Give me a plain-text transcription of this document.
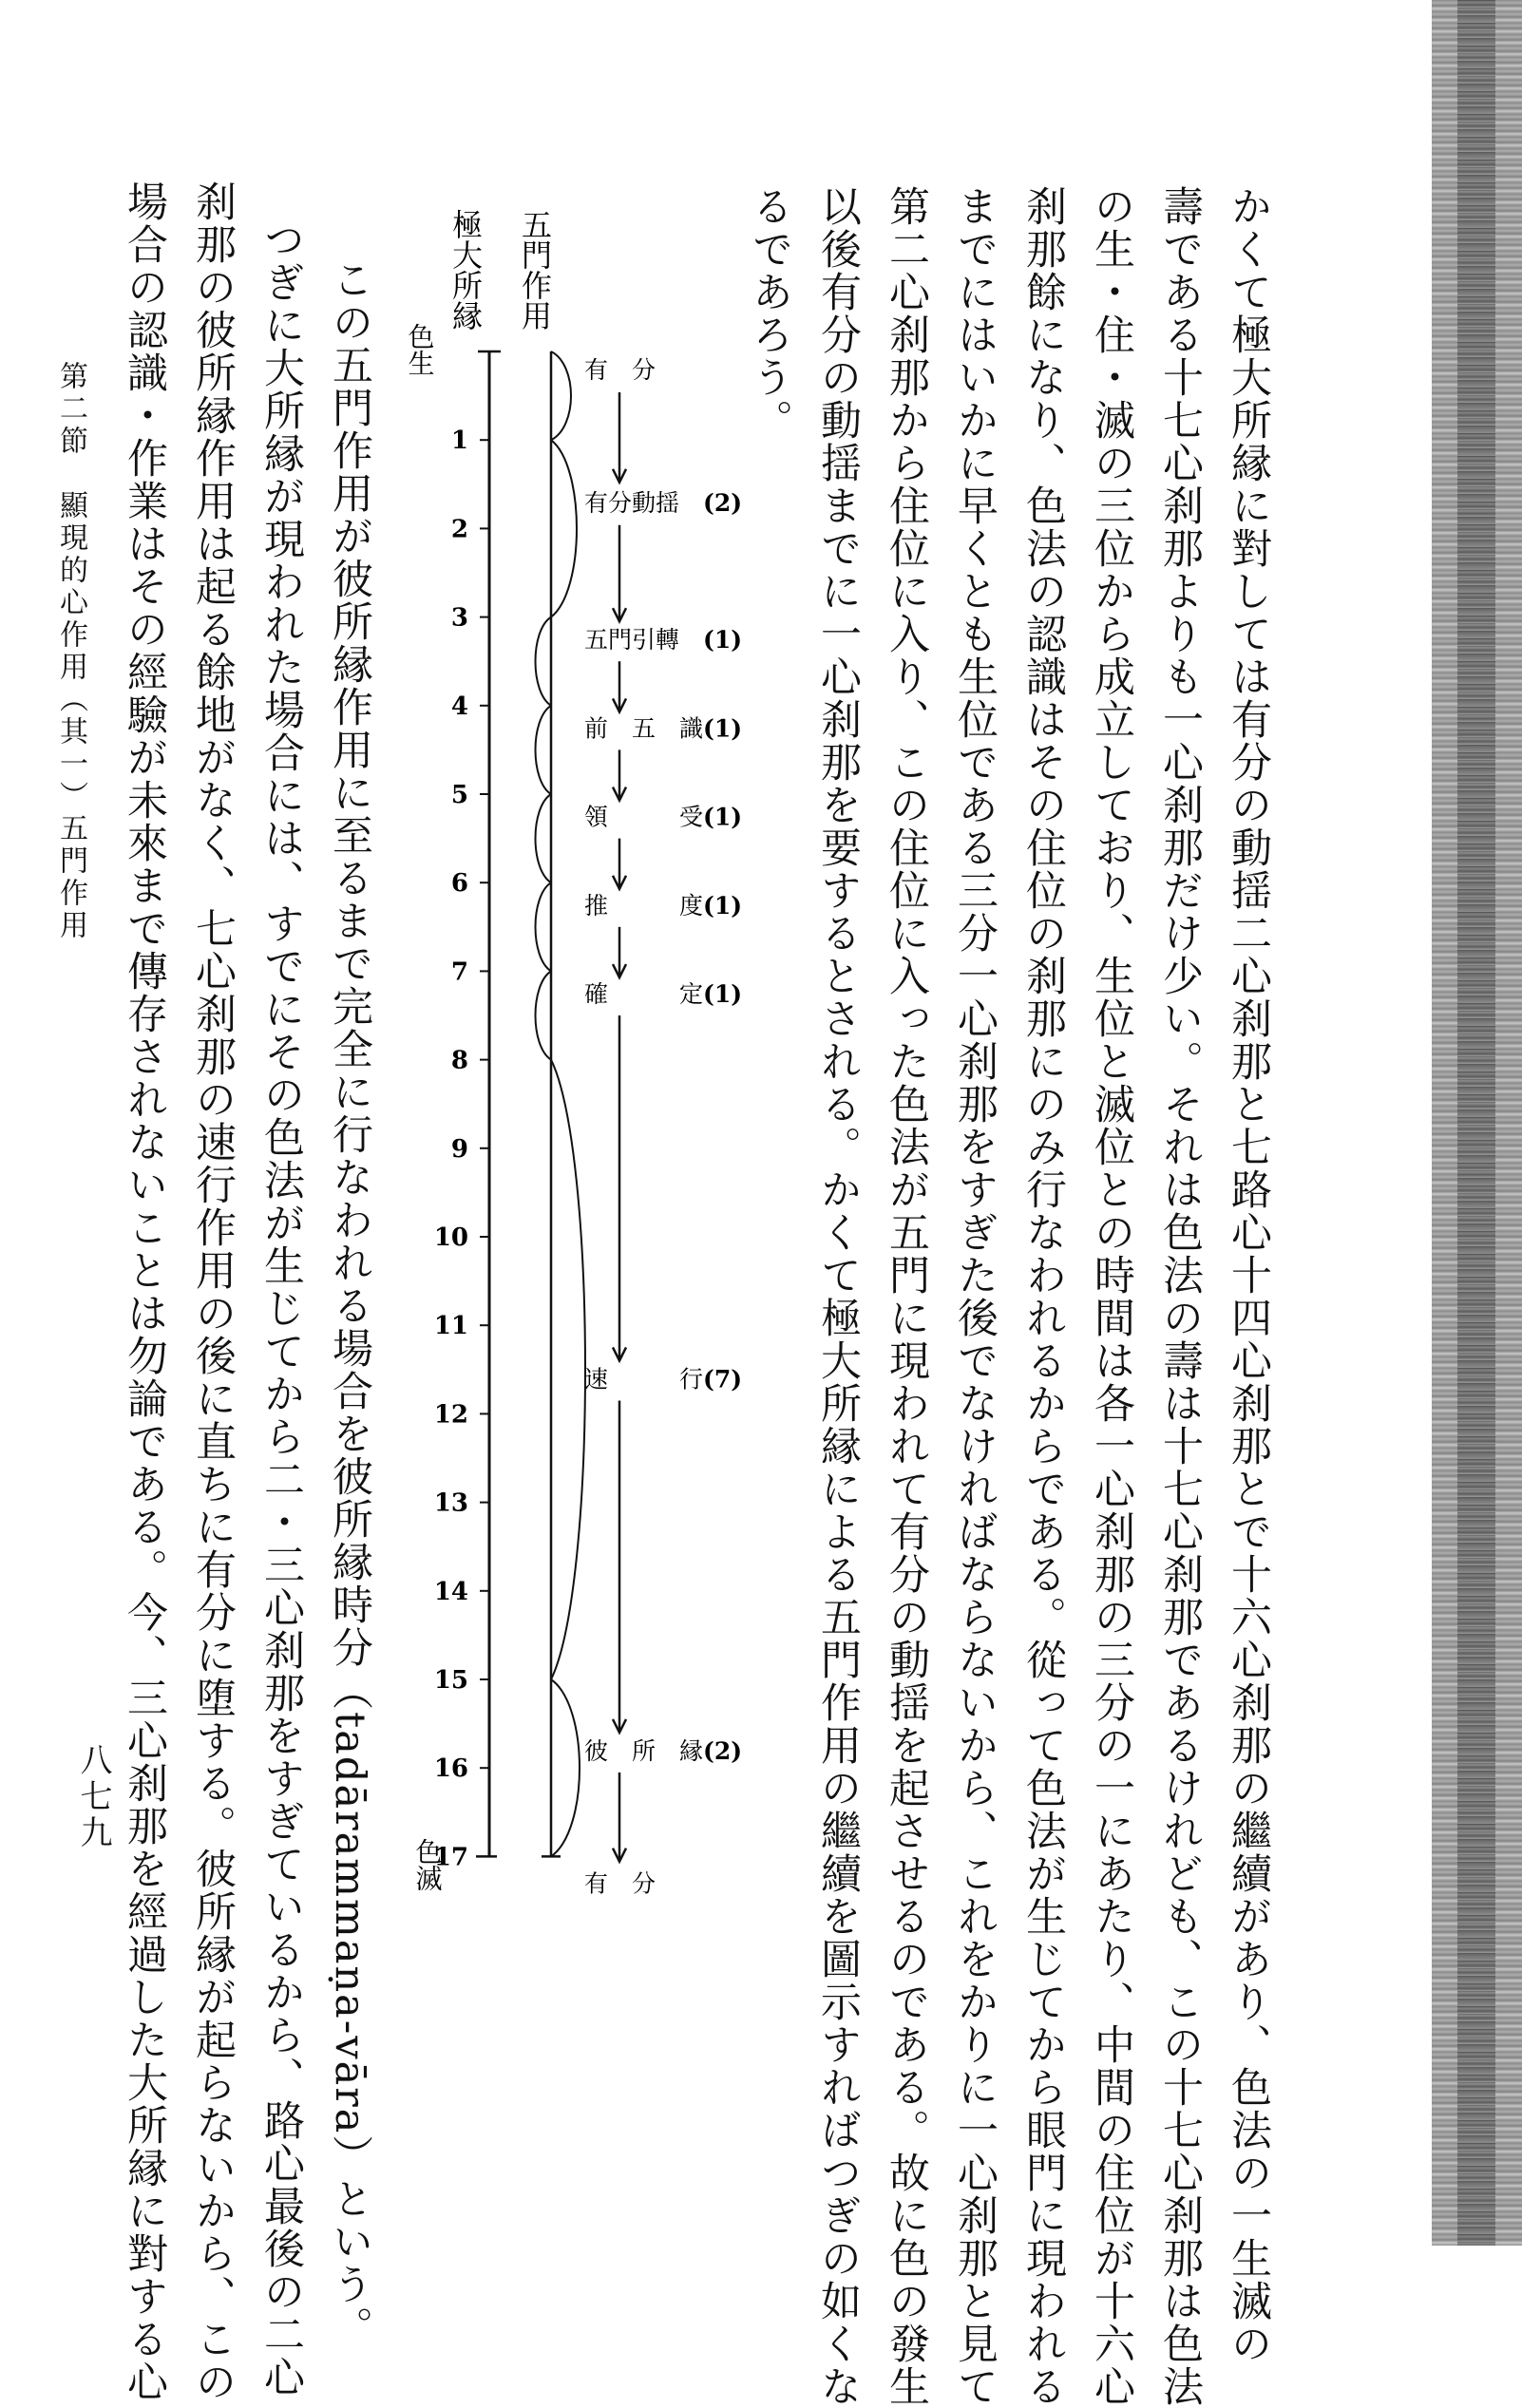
かくて極大所縁に對しては有分の動揺二心刹那と七路心十四心刹那とで十六心刹那の繼續があり、色法の一生滅の
壽である十七心刹那よりも一心刹那だけ少い。それは色法の壽は十七心刹那であるけれども、この十七心刹那は色法
の生・住・滅の三位から成立しており、生位と滅位との時間は各一心刹那の三分の一にあたり、中間の住位が十六心
刹那餘になり、色法の認識はその住位の刹那にのみ行なわれるからである。從って色法が生じてから眼門に現われる
までにはいかに早くとも生位である三分一心刹那をすぎた後でなければならないから、これをかりに一心刹那と見て
第二心刹那から住位に入り、この住位に入った色法が五門に現われて有分の動揺を起させるのである。故に色の發生
以後有分の動揺までに一心刹那を要するとされる。かくて極大所縁による五門作用の繼續を圖示すればつぎの如くな
るであろう。
五門作用
極大所縁
色生
色滅
1
2
3
4
5
6
7
8
9
10
11
12
13
14
15
16
17
有　分
有分動揺 (2)
五門引轉 (1)
前　五　識 (1)
領　　　受 (1)
推　　　度 (1)
確　　　定 (1)
速　　　行 (7)
彼　所　縁 (2)
有　分
この五門作用が彼所縁作用に至るまで完全に行なわれる場合を彼所縁時分（tadārammaṇa-vāra）という。
つぎに大所縁が現われた場合には、すでにその色法が生じてから二・三心刹那をすぎているから、路心最後の二心
刹那の彼所縁作用は起る餘地がなく、七心刹那の速行作用の後に直ちに有分に堕する。彼所縁が起らないから、この
場合の認識・作業はその經驗が未來まで傳存されないことは勿論である。今、三心刹那を經過した大所縁に對する心
第二節　顯現的心作用（其一）五門作用
八七九
